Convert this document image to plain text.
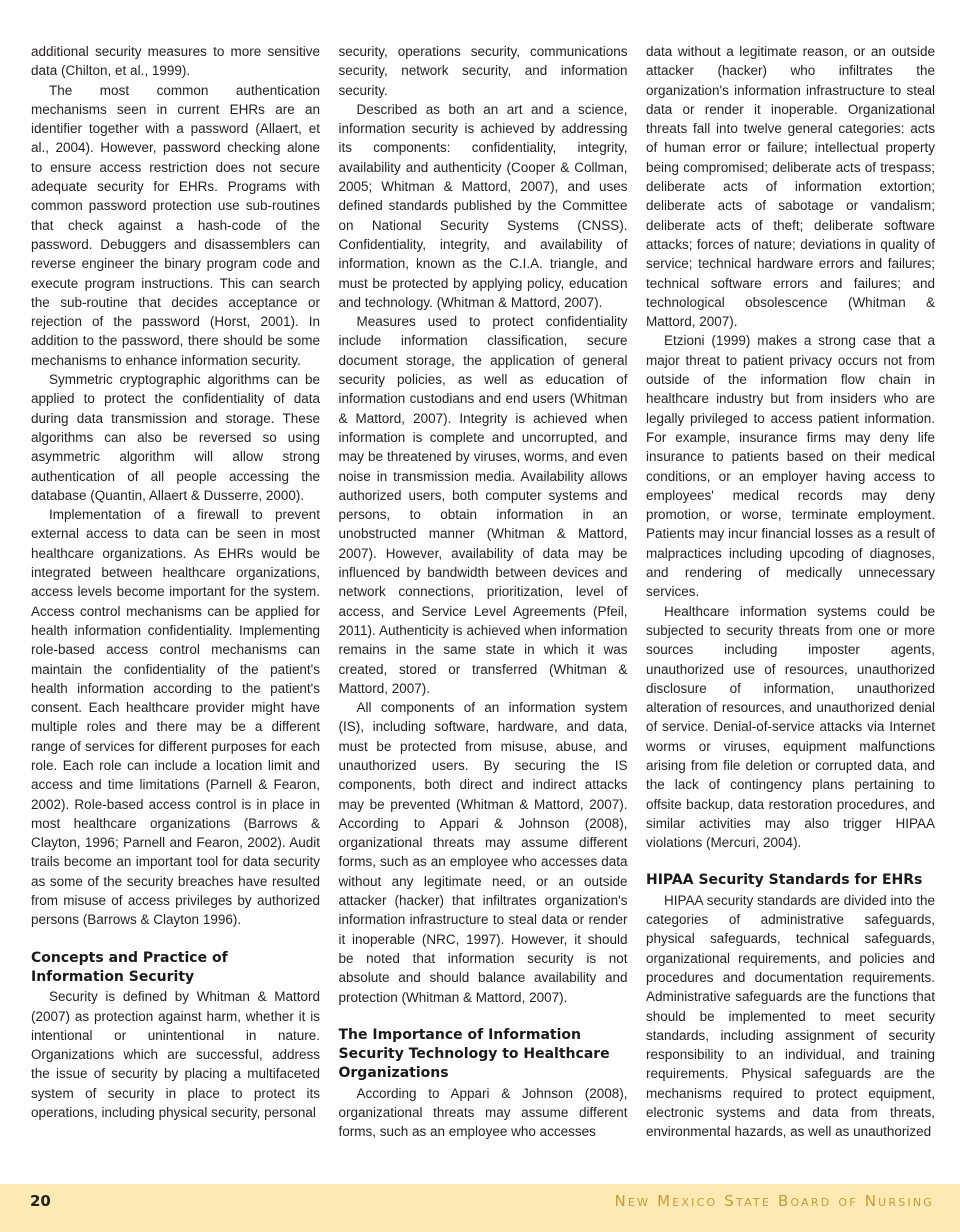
additional security measures to more sensitive data (Chilton, et al., 1999).

The most common authentication mechanisms seen in current EHRs are an identifier together with a password (Allaert, et al., 2004). However, password checking alone to ensure access restriction does not secure adequate security for EHRs. Programs with common password protection use sub-routines that check against a hash-code of the password. Debuggers and disassemblers can reverse engineer the binary program code and execute program instructions. This can search the sub-routine that decides acceptance or rejection of the password (Horst, 2001). In addition to the password, there should be some mechanisms to enhance information security.

Symmetric cryptographic algorithms can be applied to protect the confidentiality of data during data transmission and storage. These algorithms can also be reversed so using asymmetric algorithm will allow strong authentication of all people accessing the database (Quantin, Allaert & Dusserre, 2000).

Implementation of a firewall to prevent external access to data can be seen in most healthcare organizations. As EHRs would be integrated between healthcare organizations, access levels become important for the system. Access control mechanisms can be applied for health information confidentiality. Implementing role-based access control mechanisms can maintain the confidentiality of the patient's health information according to the patient's consent. Each healthcare provider might have multiple roles and there may be a different range of services for different purposes for each role. Each role can include a location limit and access and time limitations (Parnell & Fearon, 2002). Role-based access control is in place in most healthcare organizations (Barrows & Clayton, 1996; Parnell and Fearon, 2002). Audit trails become an important tool for data security as some of the security breaches have resulted from misuse of access privileges by authorized persons (Barrows & Clayton 1996).

Concepts and Practice of Information Security

Security is defined by Whitman & Mattord (2007) as protection against harm, whether it is intentional or unintentional in nature. Organizations which are successful, address the issue of security by placing a multifaceted system of security in place to protect its operations, including physical security, personal

security, operations security, communications security, network security, and information security.

Described as both an art and a science, information security is achieved by addressing its components: confidentiality, integrity, availability and authenticity (Cooper & Collman, 2005; Whitman & Mattord, 2007), and uses defined standards published by the Committee on National Security Systems (CNSS). Confidentiality, integrity, and availability of information, known as the C.I.A. triangle, and must be protected by applying policy, education and technology. (Whitman & Mattord, 2007).

Measures used to protect confidentiality include information classification, secure document storage, the application of general security policies, as well as education of information custodians and end users (Whitman & Mattord, 2007). Integrity is achieved when information is complete and uncorrupted, and may be threatened by viruses, worms, and even noise in transmission media. Availability allows authorized users, both computer systems and persons, to obtain information in an unobstructed manner (Whitman & Mattord, 2007). However, availability of data may be influenced by bandwidth between devices and network connections, prioritization, level of access, and Service Level Agreements (Pfeil, 2011). Authenticity is achieved when information remains in the same state in which it was created, stored or transferred (Whitman & Mattord, 2007).

All components of an information system (IS), including software, hardware, and data, must be protected from misuse, abuse, and unauthorized users. By securing the IS components, both direct and indirect attacks may be prevented (Whitman & Mattord, 2007). According to Appari & Johnson (2008), organizational threats may assume different forms, such as an employee who accesses data without any legitimate need, or an outside attacker (hacker) that infiltrates organization's information infrastructure to steal data or render it inoperable (NRC, 1997). However, it should be noted that information security is not absolute and should balance availability and protection (Whitman & Mattord, 2007).

The Importance of Information Security Technology to Healthcare Organizations

According to Appari & Johnson (2008), organizational threats may assume different forms, such as an employee who accesses

data without a legitimate reason, or an outside attacker (hacker) who infiltrates the organization's information infrastructure to steal data or render it inoperable. Organizational threats fall into twelve general categories: acts of human error or failure; intellectual property being compromised; deliberate acts of trespass; deliberate acts of information extortion; deliberate acts of sabotage or vandalism; deliberate acts of theft; deliberate software attacks; forces of nature; deviations in quality of service; technical hardware errors and failures; technical software errors and failures; and technological obsolescence (Whitman & Mattord, 2007).

Etzioni (1999) makes a strong case that a major threat to patient privacy occurs not from outside of the information flow chain in healthcare industry but from insiders who are legally privileged to access patient information. For example, insurance firms may deny life insurance to patients based on their medical conditions, or an employer having access to employees' medical records may deny promotion, or worse, terminate employment. Patients may incur financial losses as a result of malpractices including upcoding of diagnoses, and rendering of medically unnecessary services.

Healthcare information systems could be subjected to security threats from one or more sources including imposter agents, unauthorized use of resources, unauthorized disclosure of information, unauthorized alteration of resources, and unauthorized denial of service. Denial-of-service attacks via Internet worms or viruses, equipment malfunctions arising from file deletion or corrupted data, and the lack of contingency plans pertaining to offsite backup, data restoration procedures, and similar activities may also trigger HIPAA violations (Mercuri, 2004).

HIPAA Security Standards for EHRs

HIPAA security standards are divided into the categories of administrative safeguards, physical safeguards, technical safeguards, organizational requirements, and policies and procedures and documentation requirements. Administrative safeguards are the functions that should be implemented to meet security standards, including assignment of security responsibility to an individual, and training requirements. Physical safeguards are the mechanisms required to protect equipment, electronic systems and data from threats, environmental hazards, as well as unauthorized

20	New Mexico State Board of Nursing
